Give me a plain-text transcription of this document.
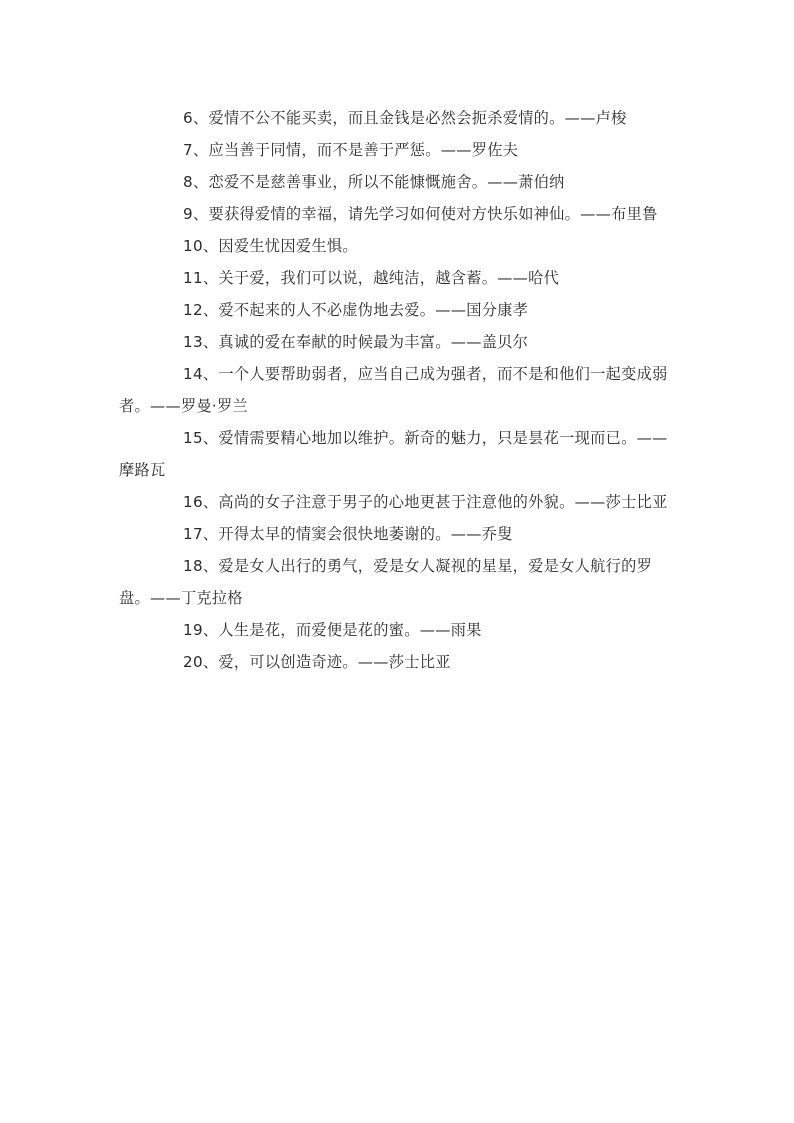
6、爱情不公不能买卖，而且金钱是必然会扼杀爱情的。——卢梭

7、应当善于同情，而不是善于严惩。——罗佐夫

8、恋爱不是慈善事业，所以不能慷慨施舍。——萧伯纳

9、要获得爱情的幸福，请先学习如何使对方快乐如神仙。——布里鲁

10、因爱生忧因爱生惧。

11、关于爱，我们可以说，越纯洁，越含蓄。——哈代

12、爱不起来的人不必虚伪地去爱。——国分康孝

13、真诚的爱在奉献的时候最为丰富。——盖贝尔

14、一个人要帮助弱者，应当自己成为强者，而不是和他们一起变成弱者。——罗曼·罗兰

15、爱情需要精心地加以维护。新奇的魅力，只是昙花一现而已。——摩路瓦

16、高尚的女子注意于男子的心地更甚于注意他的外貌。——莎士比亚

17、开得太早的情窦会很快地萎谢的。——乔叟

18、爱是女人出行的勇气，爱是女人凝视的星星，爱是女人航行的罗盘。——丁克拉格

19、人生是花，而爱便是花的蜜。——雨果

20、爱，可以创造奇迹。——莎士比亚
